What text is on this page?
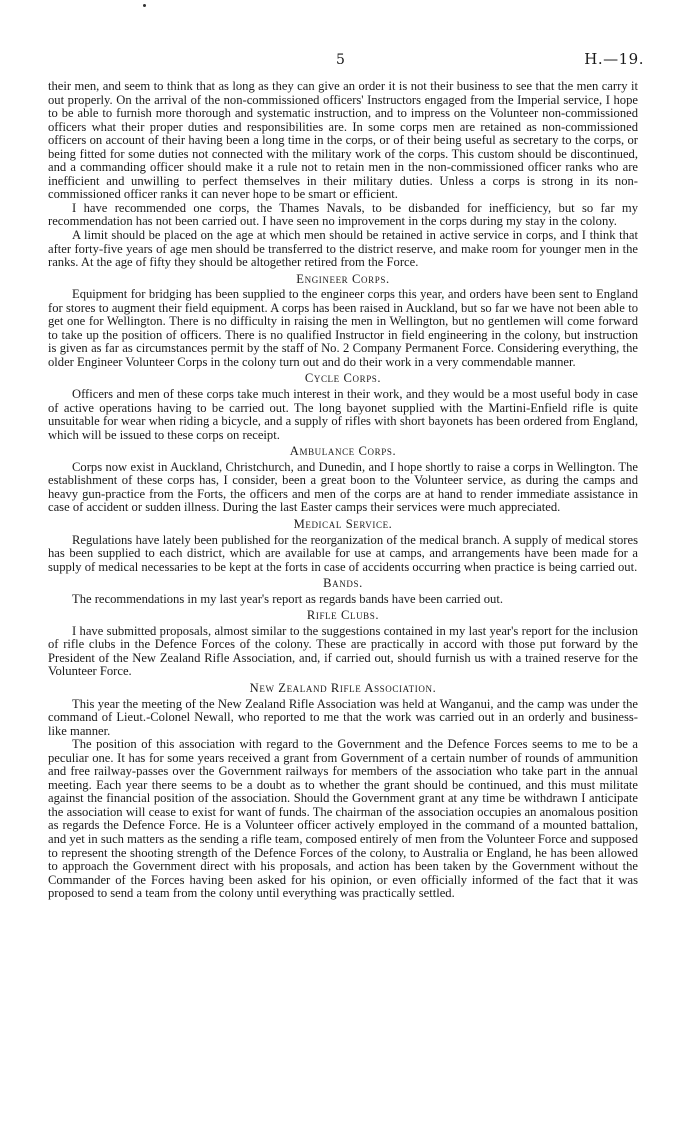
5	H.—19.

their men, and seem to think that as long as they can give an order it is not their business to see that the men carry it out properly. On the arrival of the non-commissioned officers' Instructors engaged from the Imperial service, I hope to be able to furnish more thorough and systematic instruction, and to impress on the Volunteer non-commissioned officers what their proper duties and responsibilities are. In some corps men are retained as non-commissioned officers on account of their having been a long time in the corps, or of their being useful as secretary to the corps, or being fitted for some duties not connected with the military work of the corps. This custom should be discontinued, and a commanding officer should make it a rule not to retain men in the non-commissioned officer ranks who are inefficient and unwilling to perfect themselves in their military duties. Unless a corps is strong in its non-commissioned officer ranks it can never hope to be smart or efficient.

I have recommended one corps, the Thames Navals, to be disbanded for inefficiency, but so far my recommendation has not been carried out. I have seen no improvement in the corps during my stay in the colony.

A limit should be placed on the age at which men should be retained in active service in corps, and I think that after forty-five years of age men should be transferred to the district reserve, and make room for younger men in the ranks. At the age of fifty they should be altogether retired from the Force.

Engineer Corps.

Equipment for bridging has been supplied to the engineer corps this year, and orders have been sent to England for stores to augment their field equipment. A corps has been raised in Auckland, but so far we have not been able to get one for Wellington. There is no difficulty in raising the men in Wellington, but no gentlemen will come forward to take up the position of officers. There is no qualified Instructor in field engineering in the colony, but instruction is given as far as circumstances permit by the staff of No. 2 Company Permanent Force. Considering everything, the older Engineer Volunteer Corps in the colony turn out and do their work in a very commendable manner.

Cycle Corps.

Officers and men of these corps take much interest in their work, and they would be a most useful body in case of active operations having to be carried out. The long bayonet supplied with the Martini-Enfield rifle is quite unsuitable for wear when riding a bicycle, and a supply of rifles with short bayonets has been ordered from England, which will be issued to these corps on receipt.

Ambulance Corps.

Corps now exist in Auckland, Christchurch, and Dunedin, and I hope shortly to raise a corps in Wellington. The establishment of these corps has, I consider, been a great boon to the Volunteer service, as during the camps and heavy gun-practice from the Forts, the officers and men of the corps are at hand to render immediate assistance in case of accident or sudden illness. During the last Easter camps their services were much appreciated.

Medical Service.

Regulations have lately been published for the reorganization of the medical branch. A supply of medical stores has been supplied to each district, which are available for use at camps, and arrangements have been made for a supply of medical necessaries to be kept at the forts in case of accidents occurring when practice is being carried out.

Bands.

The recommendations in my last year's report as regards bands have been carried out.

Rifle Clubs.

I have submitted proposals, almost similar to the suggestions contained in my last year's report for the inclusion of rifle clubs in the Defence Forces of the colony. These are practically in accord with those put forward by the President of the New Zealand Rifle Association, and, if carried out, should furnish us with a trained reserve for the Volunteer Force.

New Zealand Rifle Association.

This year the meeting of the New Zealand Rifle Association was held at Wanganui, and the camp was under the command of Lieut.-Colonel Newall, who reported to me that the work was carried out in an orderly and business-like manner.

The position of this association with regard to the Government and the Defence Forces seems to me to be a peculiar one. It has for some years received a grant from Government of a certain number of rounds of ammunition and free railway-passes over the Government railways for members of the association who take part in the annual meeting. Each year there seems to be a doubt as to whether the grant should be continued, and this must militate against the financial position of the association. Should the Government grant at any time be withdrawn I anticipate the association will cease to exist for want of funds. The chairman of the association occupies an anomalous position as regards the Defence Force. He is a Volunteer officer actively employed in the command of a mounted battalion, and yet in such matters as the sending a rifle team, composed entirely of men from the Volunteer Force and supposed to represent the shooting strength of the Defence Forces of the colony, to Australia or England, he has been allowed to approach the Government direct with his proposals, and action has been taken by the Government without the Commander of the Forces having been asked for his opinion, or even officially informed of the fact that it was proposed to send a team from the colony until everything was practically settled.
